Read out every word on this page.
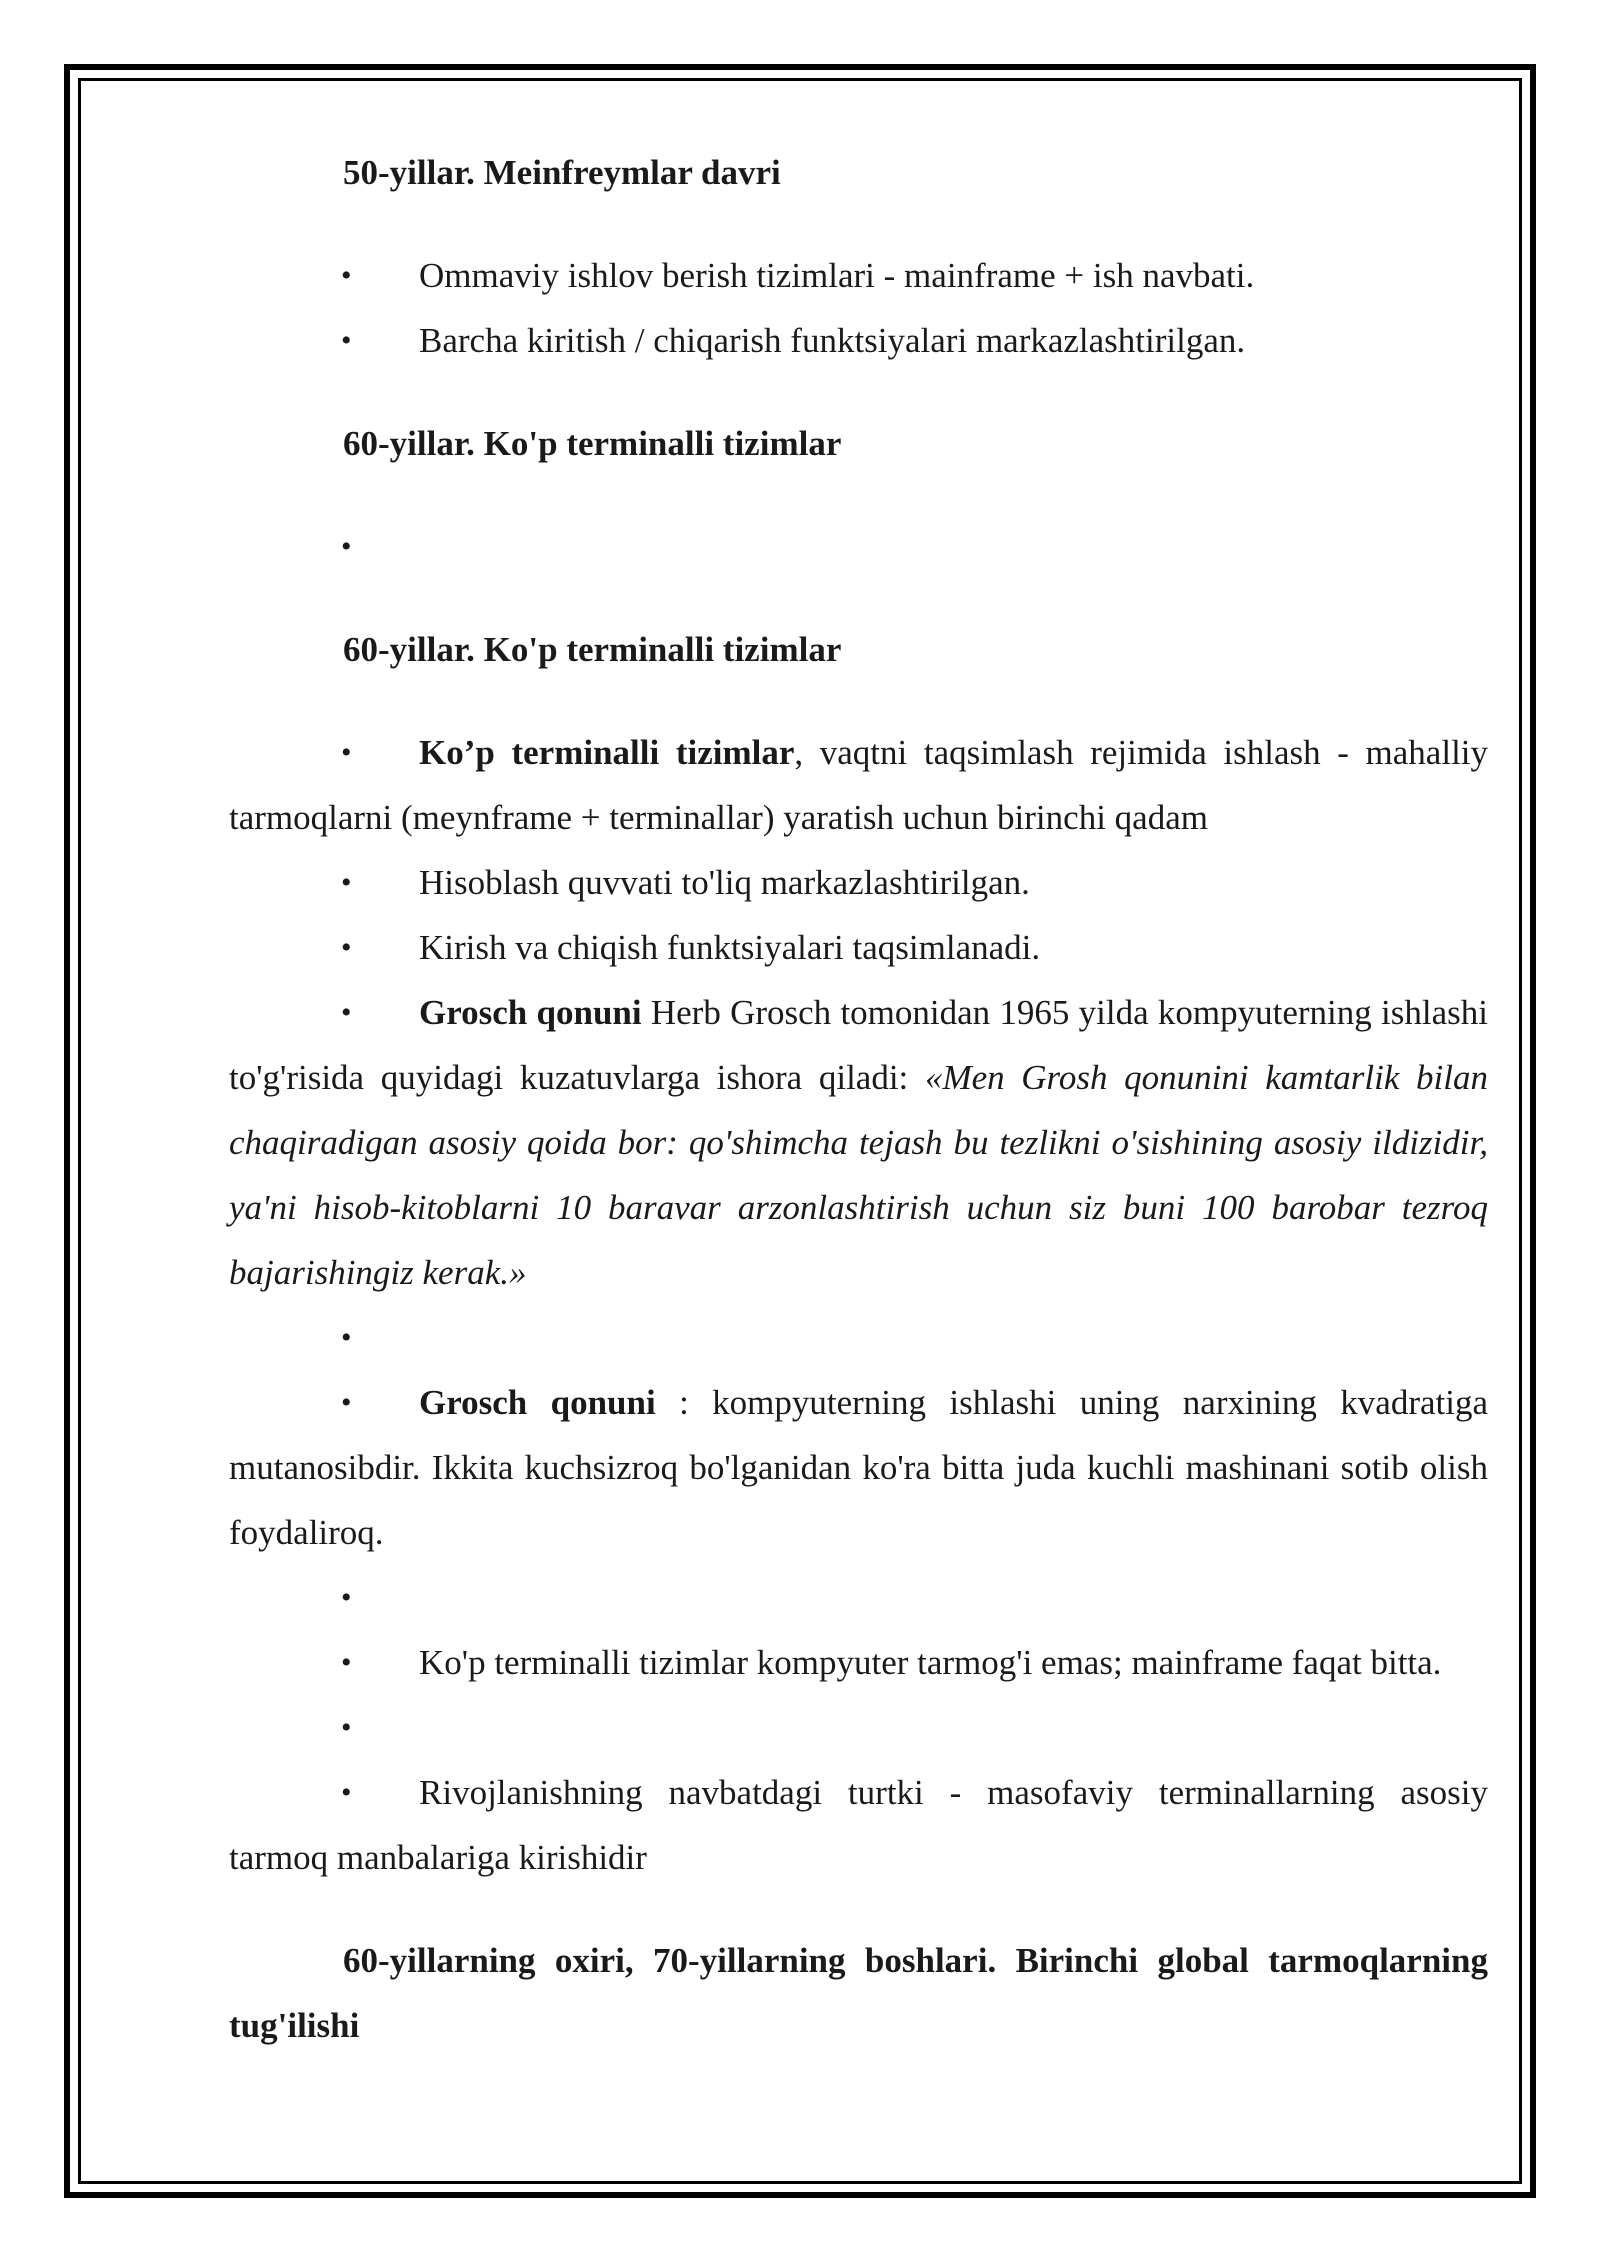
50-yillar. Meinfreymlar davri

• Ommaviy ishlov berish tizimlari - mainframe + ish navbati.

• Barcha kiritish / chiqarish funktsiyalari markazlashtirilgan.

60-yillar. Ko'p terminalli tizimlar

•

60-yillar. Ko'p terminalli tizimlar

• Ko’p terminalli tizimlar, vaqtni taqsimlash rejimida ishlash - mahalliy tarmoqlarni (meynframe + terminallar) yaratish uchun birinchi qadam

• Hisoblash quvvati to'liq markazlashtirilgan.

• Kirish va chiqish funktsiyalari taqsimlanadi.

• Grosch qonuni Herb Grosch tomonidan 1965 yilda kompyuterning ishlashi to'g'risida quyidagi kuzatuvlarga ishora qiladi: «Men Grosh qonunini kamtarlik bilan chaqiradigan asosiy qoida bor: qo'shimcha tejash bu tezlikni o'sishining asosiy ildizidir, ya'ni hisob-kitoblarni 10 baravar arzonlashtirish uchun siz buni 100 barobar tezroq bajarishingiz kerak.»

•

• Grosch qonuni : kompyuterning ishlashi uning narxining kvadratiga mutanosibdir. Ikkita kuchsizroq bo'lganidan ko'ra bitta juda kuchli mashinani sotib olish foydaliroq.

•

• Ko'p terminalli tizimlar kompyuter tarmog'i emas; mainframe faqat bitta.

•

• Rivojlanishning navbatdagi turtki - masofaviy terminallarning asosiy tarmoq manbalariga kirishidir

60-yillarning oxiri, 70-yillarning boshlari. Birinchi global tarmoqlarning tug'ilishi
